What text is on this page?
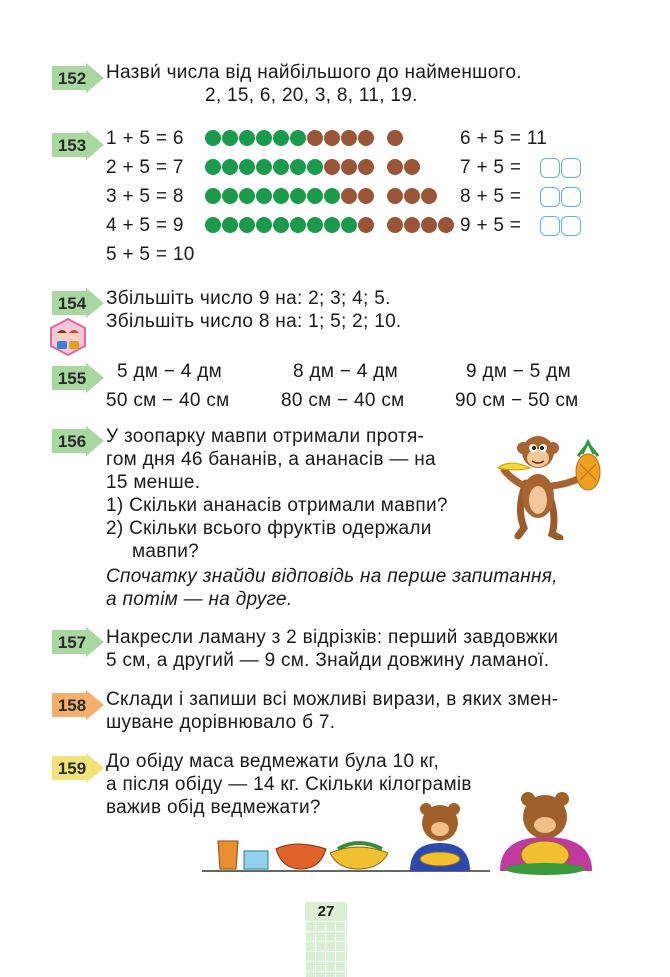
152 Назви́ числа від найбільшого до найменшого.
2, 15, 6, 20, 3, 8, 11, 19.
153 1 + 5 = 6
2 + 5 = 7
3 + 5 = 8
4 + 5 = 9
5 + 5 = 10
6 + 5 = 11
7 + 5 =
8 + 5 =
9 + 5 =
154 Збільшіть число 9 на: 2; 3; 4; 5.
Збільшіть число 8 на: 1; 5; 2; 10.
155 5 дм − 4 дм	8 дм − 4 дм	9 дм − 5 дм
50 см − 40 см	80 см − 40 см	90 см − 50 см
156 У зоопарку мавпи отримали протя-
гом дня 46 бананів, а ананасів — на
15 менше.
1) Скільки ананасів отримали мавпи?
2) Скільки всього фруктів одержали
мавпи?
Спочатку знайди відповідь на перше запитання,
а потім — на друге.
157 Накресли ламану з 2 відрізків: перший завдовжки
5 см, а другий — 9 см. Знайди довжину ламаної.
158 Склади і запиши всі можливі вирази, в яких змен-
шуване дорівнювало б 7.
159 До обіду маса ведмежати була 10 кг,
а після обіду — 14 кг. Скільки кілограмів
важив обід ведмежати?
27
